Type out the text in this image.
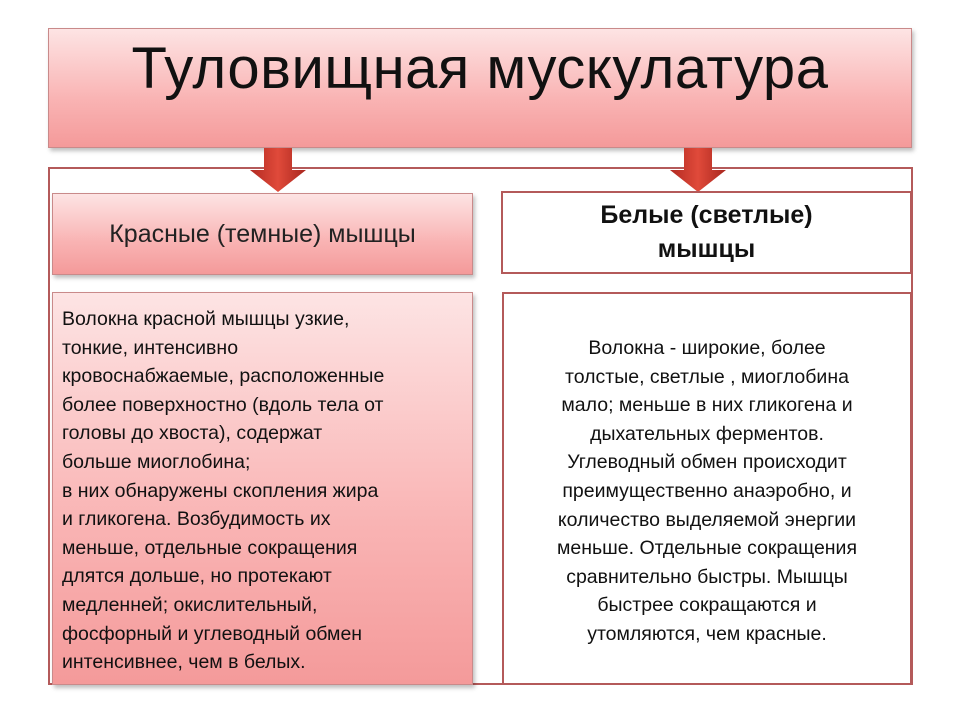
Туловищная мускулатура
Красные (темные) мышцы
Белые (светлые)
мышцы
Волокна красной мышцы узкие,
тонкие, интенсивно
кровоснабжаемые, расположенные
более поверхностно (вдоль тела от
головы до хвоста), содержат
больше миоглобина;
в них обнаружены скопления жира
и гликогена. Возбудимость их
меньше, отдельные сокращения
длятся дольше, но протекают
медленней; окислительный,
фосфорный и углеводный обмен
интенсивнее, чем в белых.
Волокна - широкие, более
толстые, светлые , миоглобина
мало; меньше в них гликогена и
дыхательных ферментов.
Углеводный обмен происходит
преимущественно анаэробно, и
количество выделяемой энергии
меньше. Отдельные сокращения
сравнительно быстры. Мышцы
быстрее сокращаются и
утомляются, чем красные.
